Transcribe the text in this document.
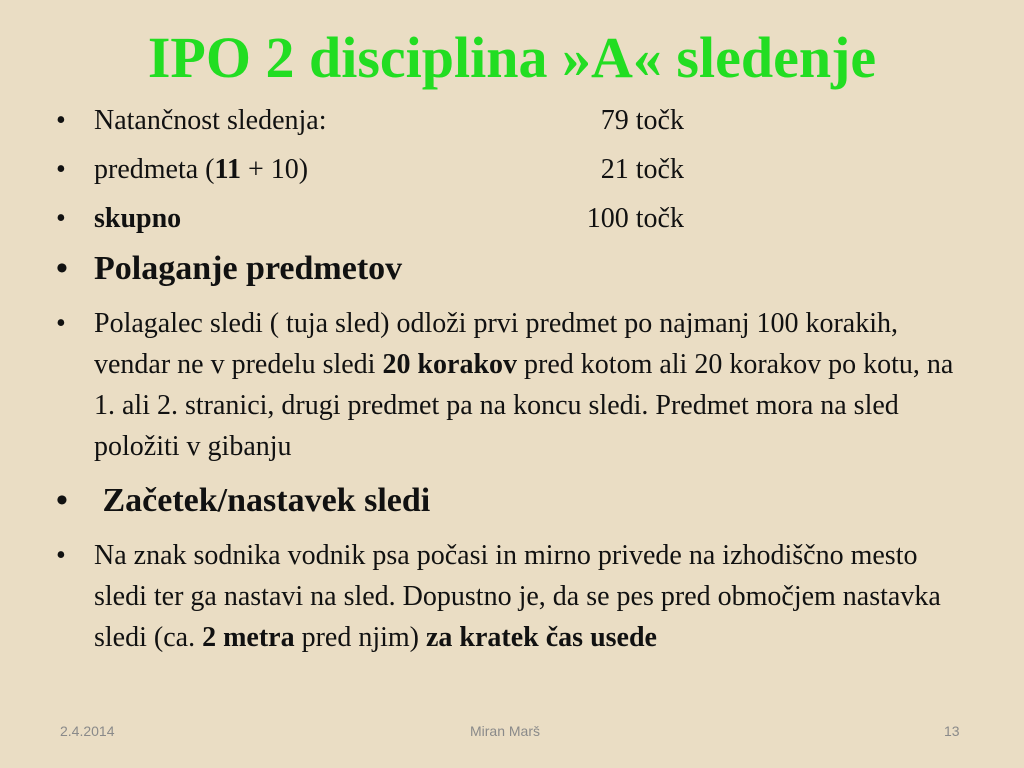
IPO 2 disciplina »A« sledenje
• Natančnost sledenja:	79 točk
• predmeta (11 + 10)	21 točk
• skupno	100 točk
• Polaganje predmetov
• Polagalec sledi ( tuja sled) odloži prvi predmet po najmanj 100 korakih, vendar ne v predelu sledi 20 korakov pred kotom ali 20 korakov po kotu, na 1. ali 2. stranici, drugi predmet pa na koncu sledi. Predmet mora na sled položiti v gibanju
• Začetek/nastavek sledi
• Na znak sodnika vodnik psa počasi in mirno privede na izhodiščno mesto sledi ter ga nastavi na sled. Dopustno je, da se pes pred območjem nastavka sledi (ca. 2 metra pred njim) za kratek čas usede
2.4.2014	Miran Marš	13
